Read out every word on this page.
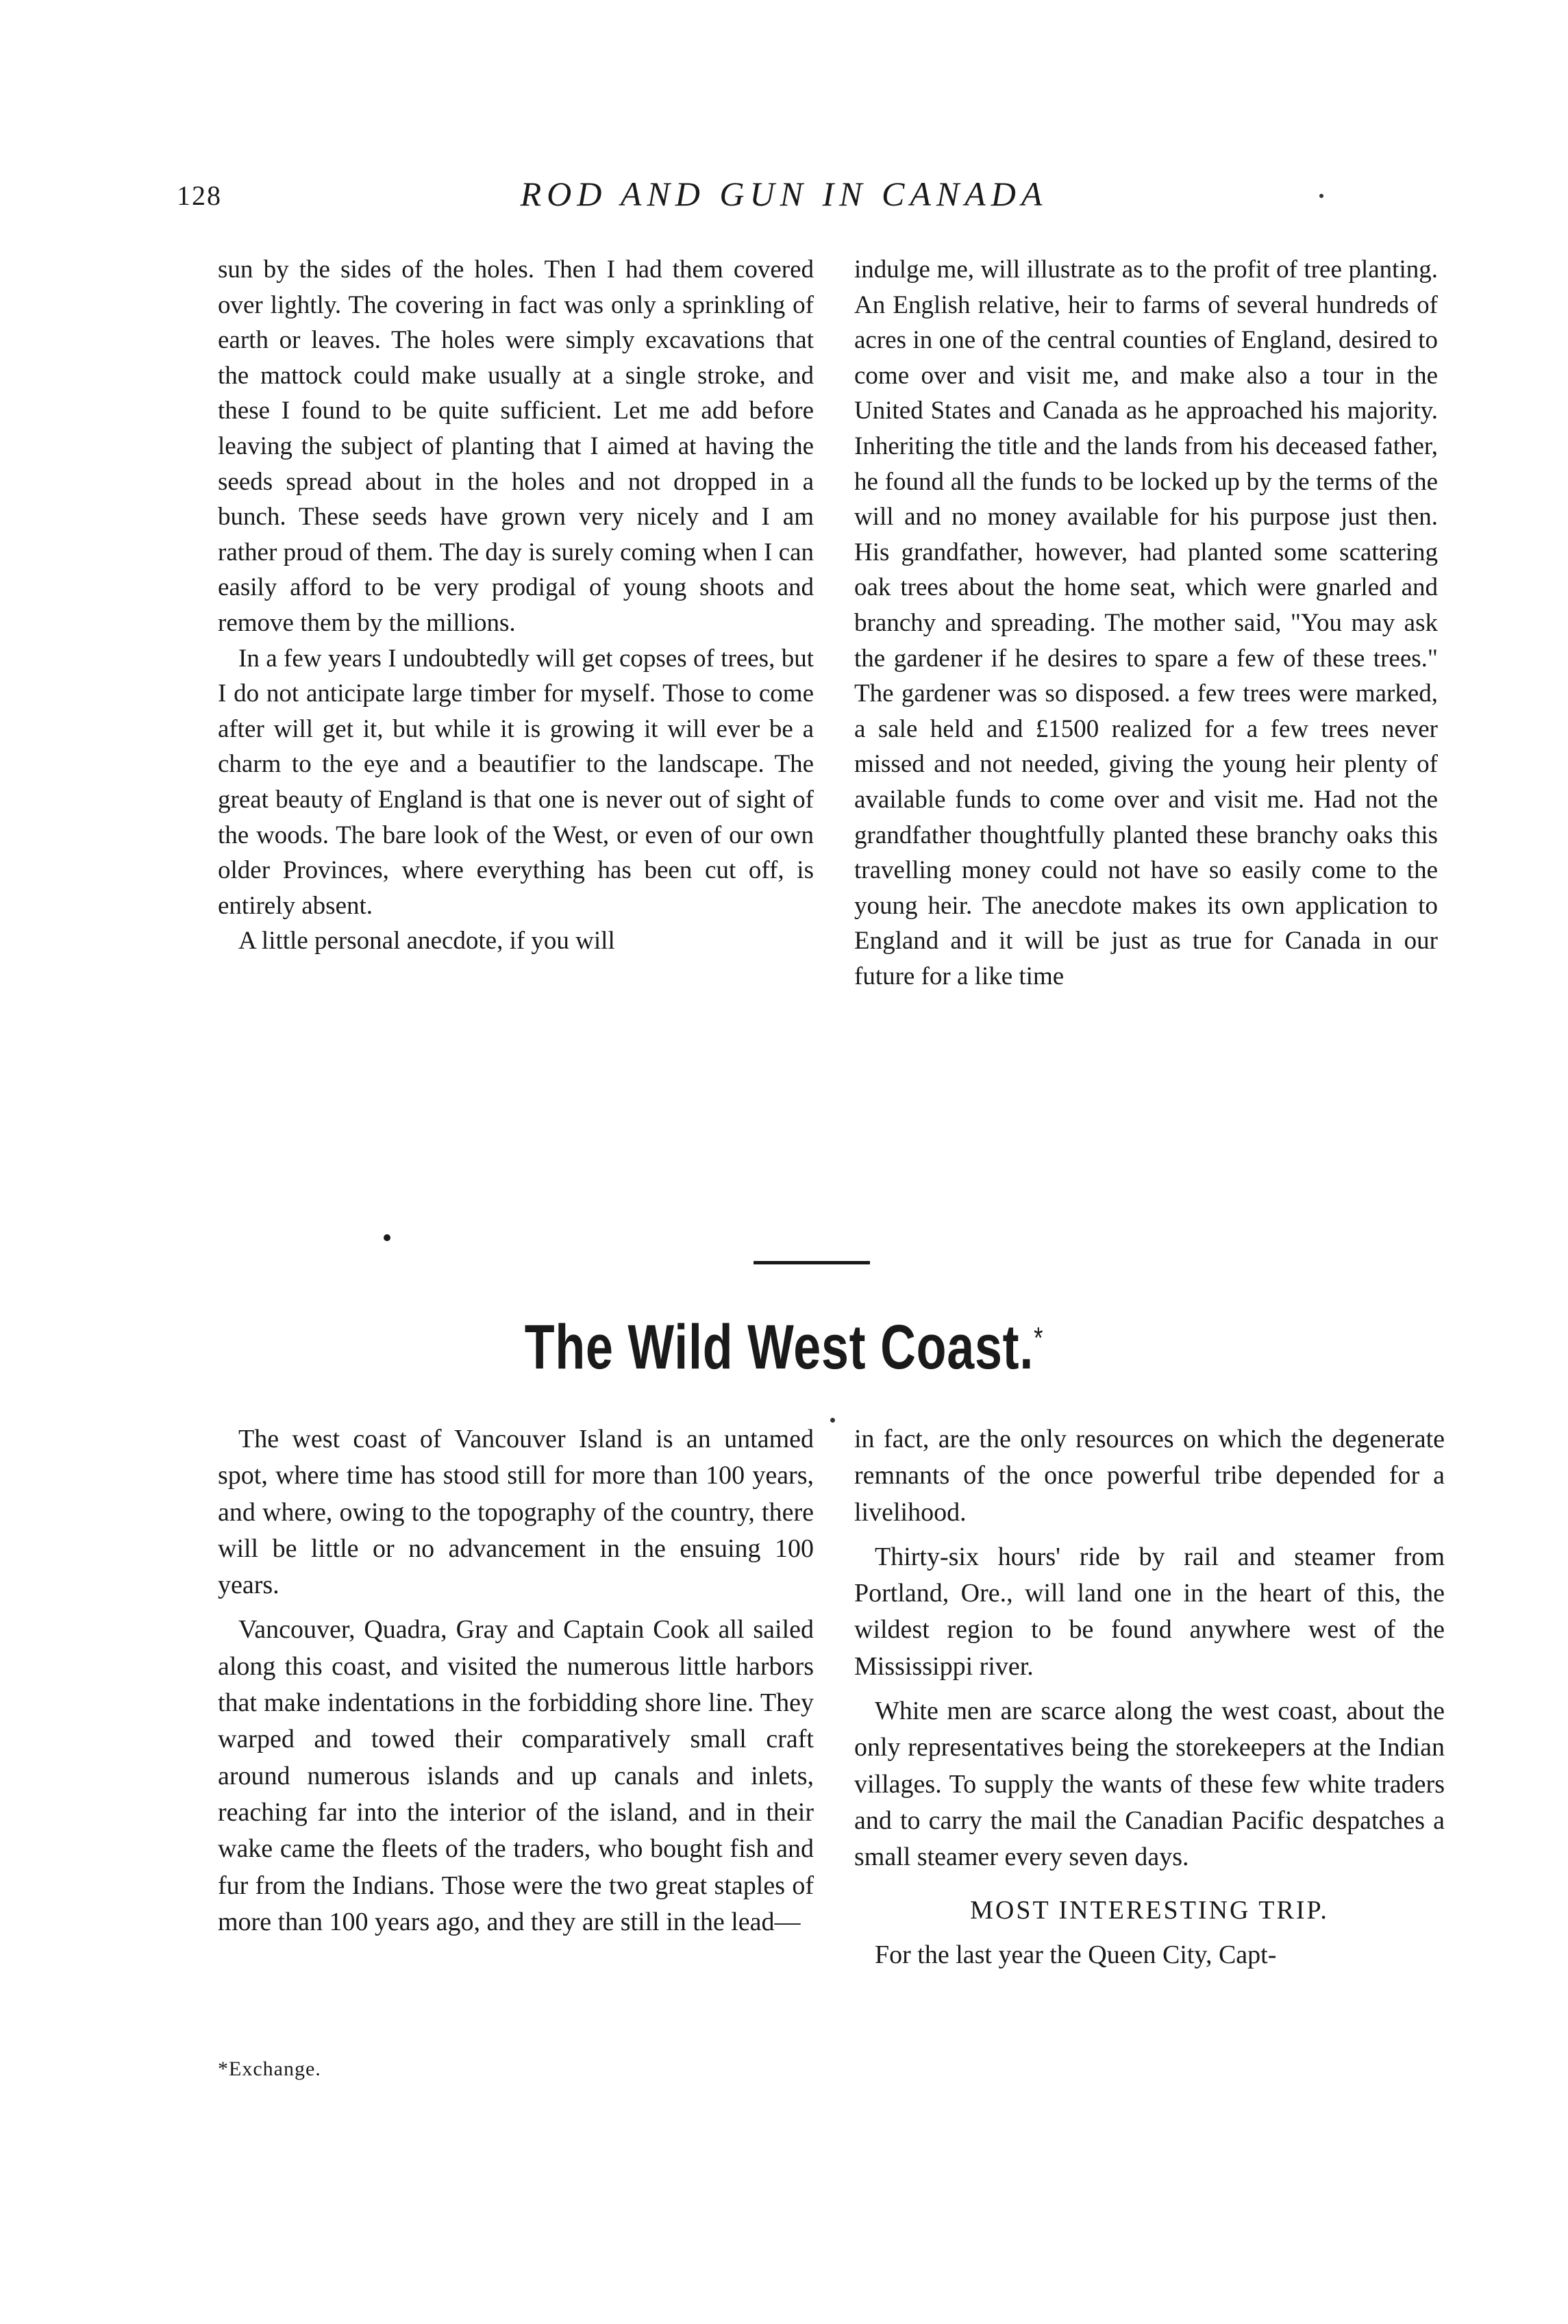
128	ROD AND GUN IN CANADA

sun by the sides of the holes. Then I had them covered over lightly. The covering in fact was only a sprinkling of earth or leaves. The holes were simply excavations that the mattock could make usually at a single stroke, and these I found to be quite sufficient. Let me add before leaving the subject of planting that I aimed at having the seeds spread about in the holes and not dropped in a bunch. These seeds have grown very nicely and I am rather proud of them. The day is surely coming when I can easily afford to be very prodigal of young shoots and remove them by the millions.

In a few years I undoubtedly will get copses of trees, but I do not anticipate large timber for myself. Those to come after will get it, but while it is growing it will ever be a charm to the eye and a beautifier to the landscape. The great beauty of England is that one is never out of sight of the woods. The bare look of the West, or even of our own older Provinces, where everything has been cut off, is entirely absent.

A little personal anecdote, if you will

indulge me, will illustrate as to the profit of tree planting. An English relative, heir to farms of several hundreds of acres in one of the central counties of England, desired to come over and visit me, and make also a tour in the United States and Canada as he approached his majority. Inheriting the title and the lands from his deceased father, he found all the funds to be locked up by the terms of the will and no money available for his purpose just then. His grandfather, however, had planted some scattering oak trees about the home seat, which were gnarled and branchy and spreading. The mother said, "You may ask the gardener if he desires to spare a few of these trees." The gardener was so disposed. a few trees were marked, a sale held and £1500 realized for a few trees never missed and not needed, giving the young heir plenty of available funds to come over and visit me. Had not the grandfather thoughtfully planted these branchy oaks this travelling money could not have so easily come to the young heir. The anecdote makes its own application to England and it will be just as true for Canada in our future for a like time

The Wild West Coast.*

The west coast of Vancouver Island is an untamed spot, where time has stood still for more than 100 years, and where, owing to the topography of the country, there will be little or no advancement in the ensuing 100 years.

Vancouver, Quadra, Gray and Captain Cook all sailed along this coast, and visited the numerous little harbors that make indentations in the forbidding shore line. They warped and towed their comparatively small craft around numerous islands and up canals and inlets, reaching far into the interior of the island, and in their wake came the fleets of the traders, who bought fish and fur from the Indians. Those were the two great staples of more than 100 years ago, and they are still in the lead—

in fact, are the only resources on which the degenerate remnants of the once powerful tribe depended for a livelihood.

Thirty-six hours' ride by rail and steamer from Portland, Ore., will land one in the heart of this, the wildest region to be found anywhere west of the Mississippi river.

White men are scarce along the west coast, about the only representatives being the storekeepers at the Indian villages. To supply the wants of these few white traders and to carry the mail the Canadian Pacific despatches a small steamer every seven days.

MOST INTERESTING TRIP.

For the last year the Queen City, Capt-

*Exchange.
